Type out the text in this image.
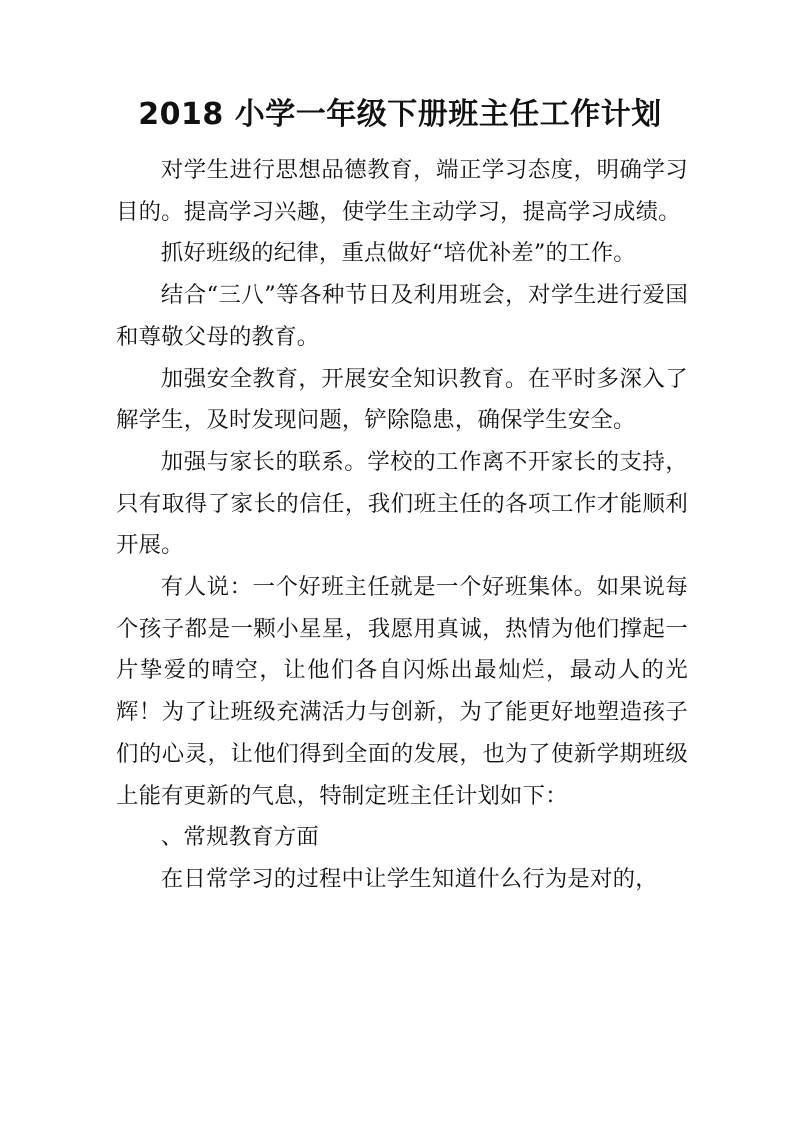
2018 小学一年级下册班主任工作计划

对学生进行思想品德教育，端正学习态度，明确学习目的。提高学习兴趣，使学生主动学习，提高学习成绩。

抓好班级的纪律，重点做好“培优补差”的工作。

结合“三八”等各种节日及利用班会，对学生进行爱国和尊敬父母的教育。

加强安全教育，开展安全知识教育。在平时多深入了解学生，及时发现问题，铲除隐患，确保学生安全。

加强与家长的联系。学校的工作离不开家长的支持，只有取得了家长的信任，我们班主任的各项工作才能顺利开展。

有人说：一个好班主任就是一个好班集体。如果说每个孩子都是一颗小星星，我愿用真诚，热情为他们撑起一片挚爱的晴空，让他们各自闪烁出最灿烂，最动人的光辉！为了让班级充满活力与创新，为了能更好地塑造孩子们的心灵，让他们得到全面的发展，也为了使新学期班级上能有更新的气息，特制定班主任计划如下：

、常规教育方面

在日常学习的过程中让学生知道什么行为是对的，
